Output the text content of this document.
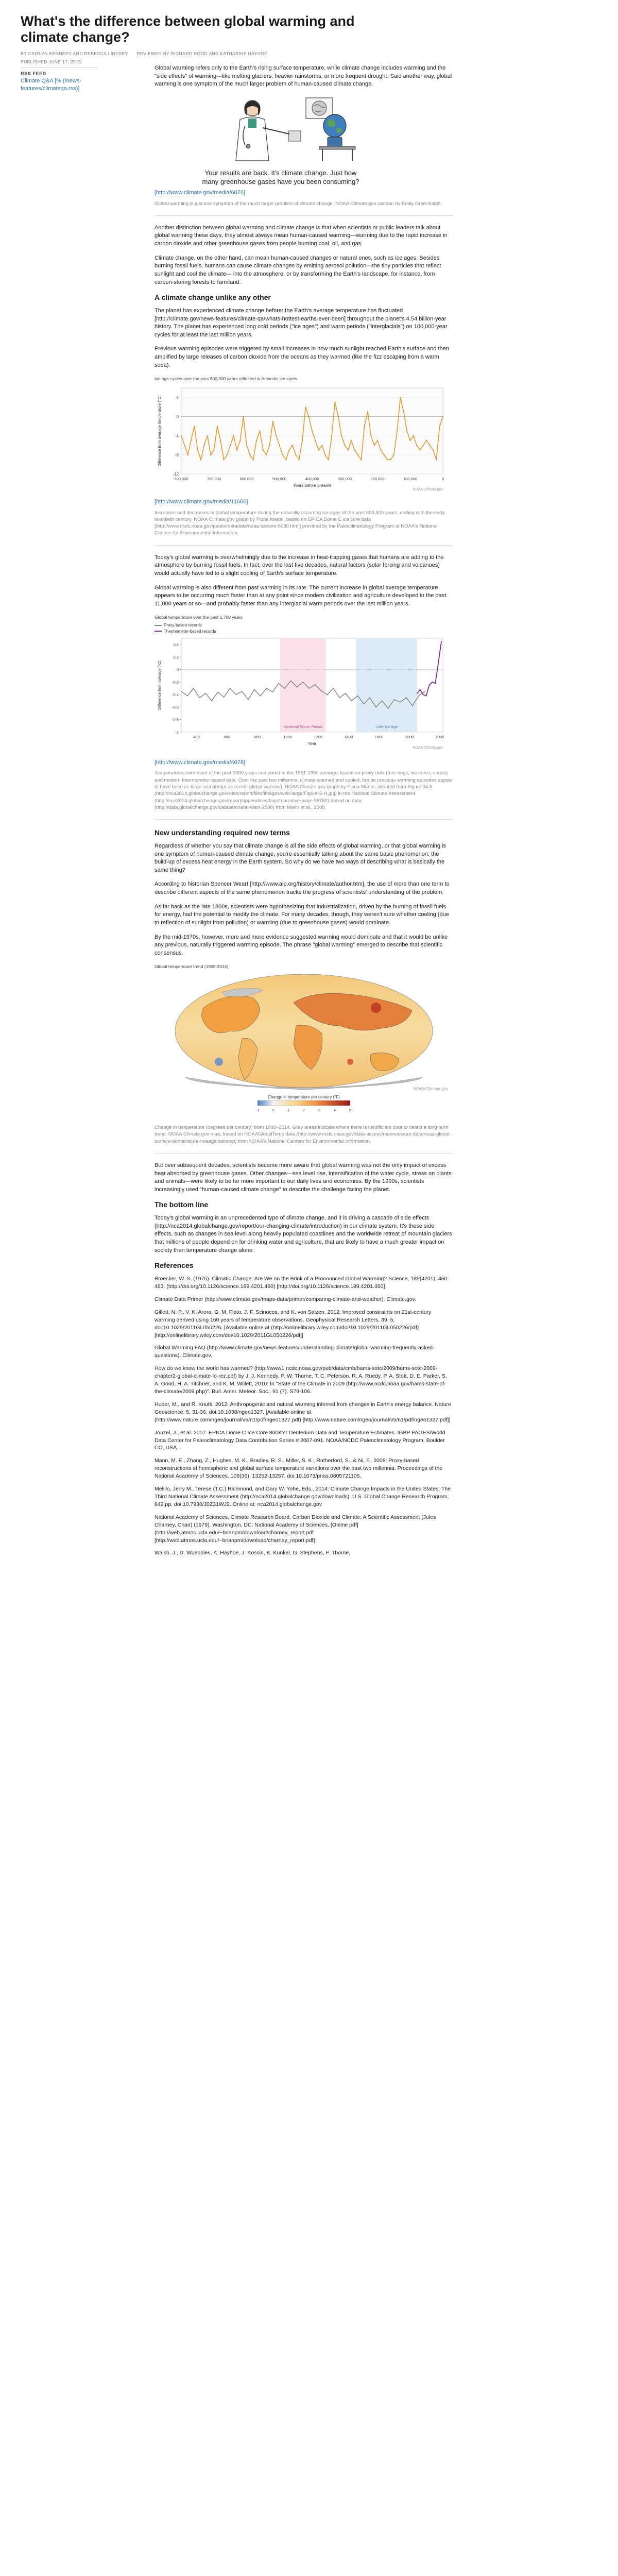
What's the difference between global warming and climate change?
BY CAITLYN KENNEDY AND REBECCA LINDSEY REVIEWED BY RICHARD ROOD AND KATHARINE HAYHOE
PUBLISHED JUNE 17, 2015
RSS FEED
Climate Q&A [% (/news-features/climateqa.rss)]

Global warming refers only to the Earth's rising surface temperature, while climate change includes warming and the "side effects" of warming—like melting glaciers, heavier rainstorms, or more frequent drought. Said another way, global warming is one symptom of the much larger problem of human-caused climate change.

Your results are back. It's climate change. Just how many greenhouse gases have you been consuming?
[http://www.climate.gov/media/6076]

Global warming is just one symptom of the much larger problem of climate change. NOAA Climate.gov cartoon by Emily Greenhalgh.

Another distinction between global warming and climate change is that when scientists or public leaders talk about global warming these days, they almost always mean human-caused warming—warming due to the rapid increase in carbon dioxide and other greenhouse gases from people burning coal, oil, and gas.

Climate change, on the other hand, can mean human-caused changes or natural ones, such as ice ages. Besides burning fossil fuels, humans can cause climate changes by emitting aerosol pollution—the tiny particles that reflect sunlight and cool the climate— into the atmosphere, or by transforming the Earth's landscape, for instance, from carbon-storing forests to farmland.

A climate change unlike any other

The planet has experienced climate change before: the Earth's average temperature has fluctuated [http://climate.gov/news-features/climate-qa/whats-hottest-earths-ever-been] throughout the planet's 4.54 billion-year history. The planet has experienced long cold periods ("ice ages") and warm periods ("interglacials") on 100,000-year cycles for at least the last million years.

Previous warming episodes were triggered by small increases in how much sunlight reached Earth's surface and then amplified by large releases of carbon dioxide from the oceans as they warmed (like the fizz escaping from a warm soda).

Ice age cycles over the past 800,000 years reflected in Antarctic ice cores
4
0
-4
-8
-12
800,000	700,000	600,000	500,000	400,000	300,000	200,000	100,000	0
Years before present
Difference from average temperature (°C)
NOAA Climate.gov
[http://www.climate.gov/media/11666]

Increases and decreases in global temperature during the naturally occurring ice ages of the past 800,000 years, ending with the early twentieth century. NOAA Climate.gov graph by Fiona Martin, based on EPICA Dome C ice core data [http://www.ncdc.noaa.gov/paleo/metadata/noaa-icecore-6080.html] provided by the Paleoclimatology Program at NOAA's National Centers for Environmental Information.

Today's global warming is overwhelmingly due to the increase in heat-trapping gases that humans are adding to the atmosphere by burning fossil fuels. In fact, over the last five decades, natural factors (solar forcing and volcanoes) would actually have led to a slight cooling of Earth's surface temperature.

Global warming is also different from past warming in its rate. The current increase in global average temperature appears to be occurring much faster than at any point since modern civilization and agriculture developed in the past 11,000 years or so—and probably faster than any interglacial warm periods over the last million years.

Global temperature over the past 1,700 years
Proxy-based records
Thermometer-based records
Medieval Warm Period	Little Ice Age
0.4
0.2
0
-0.2
-0.4
-0.6
-0.8
-1
400	600	800	1000	1200	1400	1600	1800	2000
Year
Difference from average (°C)
NOAA Climate.gov
[http://www.climate.gov/media/4078]

Temperatures over most of the past 2000 years compared to the 1961-1990 average, based on proxy data (tree rings, ice cores, corals) and modern thermometer-based data. Over the past two millennia, climate warmed and cooled, but no previous warming episodes appear to have been as large and abrupt as recent global warming. NOAA Climate.gov graph by Fiona Martin, adapted from Figure 34.5 (http://nca2014.globalchange.gov/sites/report/files/images/web-large/Figure-5-H.jpg) in the National Climate Assessment (http://nca2014.globalchange.gov/report/appendices/faqs#narrative-page-38782) based on data (http://data.globalchange.gov/dataset/mann-wahl-2008) from Mann et al., 2008.

New understanding required new terms

Regardless of whether you say that climate change is all the side effects of global warming, or that global warming is one symptom of human-caused climate change, you're essentially talking about the same basic phenomenon: the build-up of excess heat energy in the Earth system. So why do we have two ways of describing what is basically the same thing?

According to historian Spencer Weart [http://www.aip.org/history/climate/author.htm], the use of more than one term to describe different aspects of the same phenomenon tracks the progress of scientists' understanding of the problem.

As far back as the late 1800s, scientists were hypothesizing that industrialization, driven by the burning of fossil fuels for energy, had the potential to modify the climate. For many decades, though, they weren't sure whether cooling (due to reflection of sunlight from pollution) or warming (due to greenhouse gases) would dominate.

By the mid-1970s, however, more and more evidence suggested warming would dominate and that it would be unlike any previous, naturally triggered warming episode. The phrase "global warming" emerged to describe that scientific consensus.

Global temperature trend (1900-2014)
NOAA Climate.gov
Change in temperature per century (°F)
-1	0	1	2	3	4	5

Change in temperature (degrees per century) from 1900–2014. Gray areas indicate where there is insufficient data to detect a long-term trend. NOAA Climate.gov map, based on NOAAGlobalTemp data (http://www.ncdc.noaa.gov/data-access/marineocean-data/noaa-global-surface-temperature-noaaglobaltemp) from NOAA's National Centers for Environmental Information.

But over subsequent decades, scientists became more aware that global warming was not the only impact of excess heat absorbed by greenhouse gases. Other changes—sea level rise, intensification of the water cycle, stress on plants and animals—were likely to be far more important to our daily lives and economies. By the 1990s, scientists increasingly used "human-caused climate change" to describe the challenge facing the planet.

The bottom line

Today's global warming is an unprecedented type of climate change, and it is driving a cascade of side effects (http://nca2014.globalchange.gov/report/our-changing-climate/introduction) in our climate system. It's these side effects, such as changes in sea level along heavily populated coastlines and the worldwide retreat of mountain glaciers that millions of people depend on for drinking water and agriculture, that are likely to have a much greater impact on society than temperature change alone.

References

Broecker, W. S. (1975). Climatic Change: Are We on the Brink of a Pronounced Global Warming? Science, 189(4201), 460–463. (http://doi.org/10.1126/science.189.4201.460) [http://doi.org/10.1126/science.189.4201.460]

Climate Data Primer (http://www.climate.gov/maps-data/primer/comparing-climate-and-weather). Climate.gov.

Gillett, N. P., V. K. Arora, G. M. Flato, J. F. Scinocca, and K. von Salzen, 2012: Improved constraints on 21st-century warming derived using 160 years of temperature observations. Geophysical Research Letters, 39, 5, doi:10.1029/2011GL050226. [Available online at (http://onlinelibrary.wiley.com/doi/10.1029/2011GL050226/pdf) [http://onlinelibrary.wiley.com/doi/10.1029/2011GL050226/pdf]]

Global Warming FAQ (http://www.climate.gov/news-features/understanding-climate/global-warming-frequently-asked-questions). Climate.gov.

How do we know the world has warmed? (http://www1.ncdc.noaa.gov/pub/data/cmb/bams-sotc/2009/bams-sotc-2009-chapter2-global-climate-lo-rez.pdf) by J. J. Kennedy, P. W. Thorne, T. C. Peterson, R. A. Ruedy, P. A. Stott, D. E. Parker, S. A. Good, H. A. Titchner, and K. M. Willett, 2010: In "State of the Climate in 2009 (http://www.ncdc.noaa.gov/bams-state-of-the-climate/2009.php)". Bull. Amer. Meteor. Soc., 91 (7), S79-106.

Huber, M., and R. Knutti, 2012: Anthropogenic and natural warming inferred from changes in Earth's energy balance. Nature Geoscience, 5, 31-36, doi:10.1038/ngeo1327. [Available online at (http://www.nature.com/ngeo/journal/v5/n1/pdf/ngeo1327.pdf) [http://www.nature.com/ngeo/journal/v5/n1/pdf/ngeo1327.pdf]]

Jouzel, J., et al. 2007. EPICA Dome C Ice Core 800KYr Deuterium Data and Temperature Estimates. IGBP PAGES/World Data Center for Paleoclimatology Data Contribution Series # 2007-091. NOAA/NCDC Paleoclimatology Program, Boulder CO, USA.

Mann, M. E., Zhang, Z., Hughes, M. K., Bradley, R. S., Miller, S. K., Rutherford, S., & Ni, F., 2008: Proxy-based reconstructions of hemispheric and global surface temperature variations over the past two millennia. Proceedings of the National Academy of Sciences, 105(36), 13252-13257. doi:10.1073/pnas.0805721105.

Melillo, Jerry M., Terese (T.C.) Richmond, and Gary W. Yohe, Eds., 2014: Climate Change Impacts in the United States: The Third National Climate Assessment (http://nca2014.globalchange.gov/downloads). U.S. Global Change Research Program, 842 pp. doi:10.7930/J0Z31WJ2. Online at: nca2014.globalchange.gov

National Academy of Sciences, Climate Research Board, Carbon Dioxide and Climate: A Scientific Assessment (Jules Charney, Chair) (1979). Washington, DC: National Academy of Sciences. [Online pdf] (http://web.atmos.ucla.edu/~brianpm/download/charney_report.pdf [http://web.atmos.ucla.edu/~brianpm/download/charney_report.pdf]

Walsh, J., D. Wuebbles, K. Hayhoe, J. Kossin, K. Kunkel, G. Stephens, P. Thorne,
